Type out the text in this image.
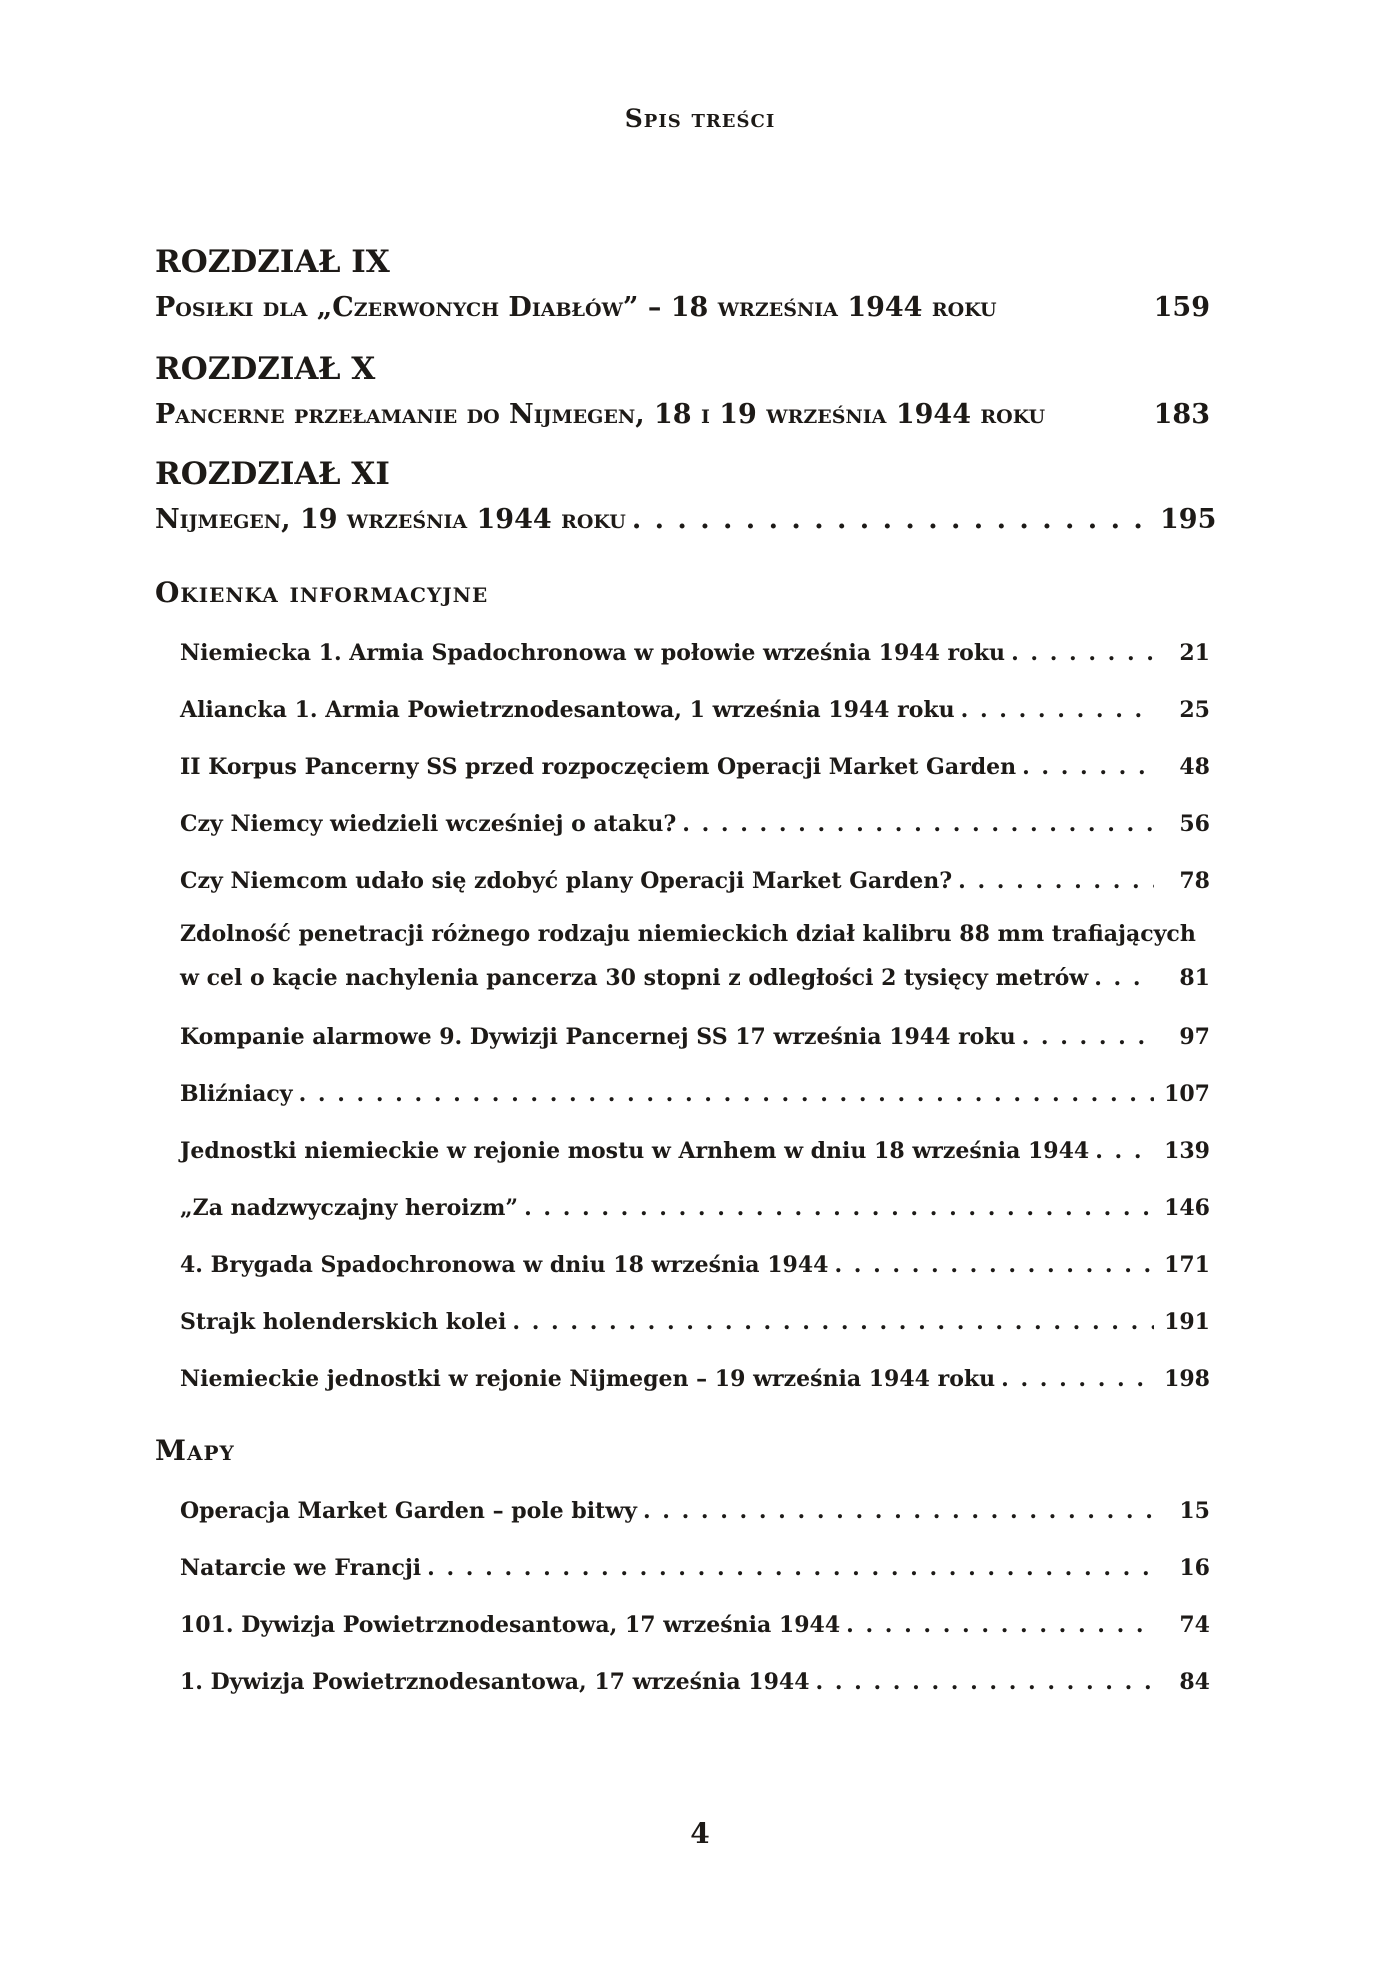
Spis treści
ROZDZIAŁ IX
Posiłki dla „Czerwonych Diabłów” – 18 września 1944 roku	159
ROZDZIAŁ X
Pancerne przełamanie do Nijmegen, 18 i 19 września 1944 roku	183
ROZDZIAŁ XI
Nijmegen, 19 września 1944 roku . . .	195
Okienka informacyjne
Niemiecka 1. Armia Spadochronowa w połowie września 1944 roku . . .	21
Aliancka 1. Armia Powietrznodesantowa, 1 września 1944 roku . . .	25
II Korpus Pancerny SS przed rozpoczęciem Operacji Market Garden . . .	48
Czy Niemcy wiedzieli wcześniej o ataku? . . .	56
Czy Niemcom udało się zdobyć plany Operacji Market Garden? . . .	78
Zdolność penetracji różnego rodzaju niemieckich dział kalibru 88 mm trafiających
w cel o kącie nachylenia pancerza 30 stopni z odległości 2 tysięcy metrów . . .	81
Kompanie alarmowe 9. Dywizji Pancernej SS 17 września 1944 roku . . .	97
Bliźniacy . . .	107
Jednostki niemieckie w rejonie mostu w Arnhem w dniu 18 września 1944 . . .	139
„Za nadzwyczajny heroizm” . . .	146
4. Brygada Spadochronowa w dniu 18 września 1944 . . .	171
Strajk holenderskich kolei . . .	191
Niemieckie jednostki w rejonie Nijmegen – 19 września 1944 roku . . .	198
Mapy
Operacja Market Garden – pole bitwy . . .	15
Natarcie we Francji . . .	16
101. Dywizja Powietrznodesantowa, 17 września 1944 . . .	74
1. Dywizja Powietrznodesantowa, 17 września 1944 . . .	84
4
